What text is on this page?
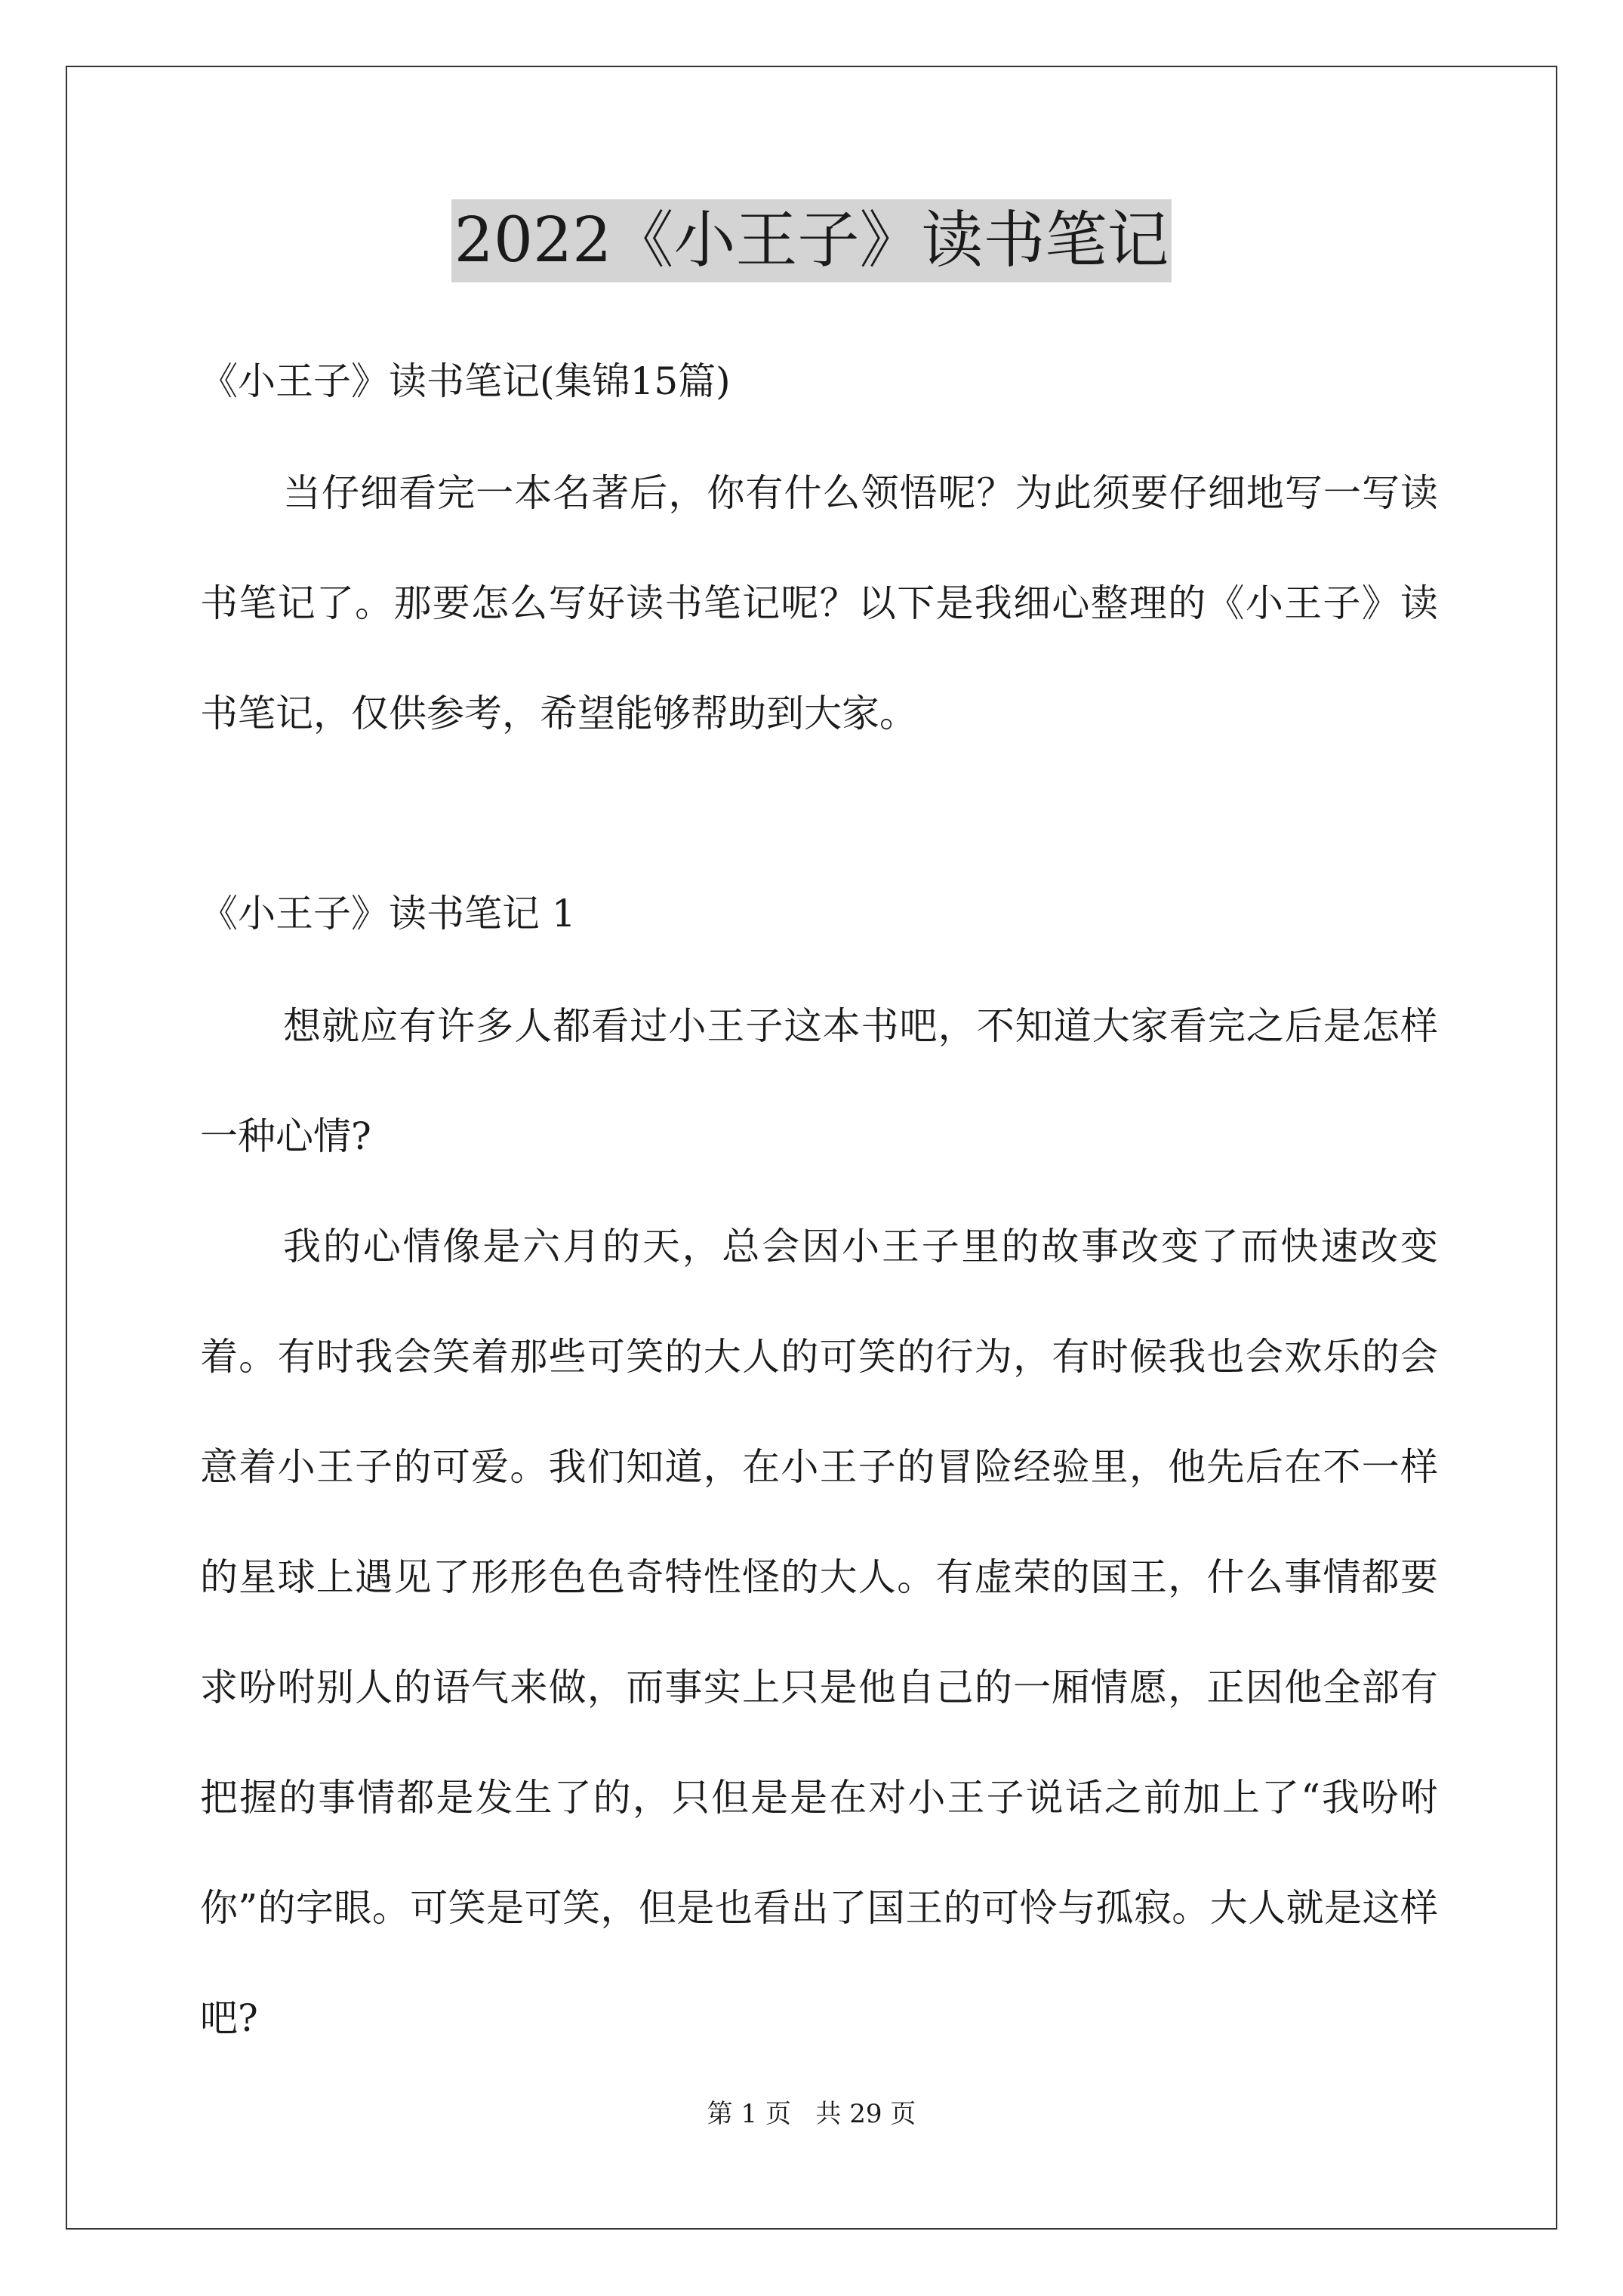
2022《小王子》读书笔记

《小王子》读书笔记(集锦15篇)

当仔细看完一本名著后，你有什么领悟呢？为此须要仔细地写一写读书笔记了。那要怎么写好读书笔记呢？以下是我细心整理的《小王子》读书笔记，仅供参考，希望能够帮助到大家。

《小王子》读书笔记 1

想就应有许多人都看过小王子这本书吧，不知道大家看完之后是怎样一种心情?

我的心情像是六月的天，总会因小王子里的故事改变了而快速改变着。有时我会笑着那些可笑的大人的可笑的行为，有时候我也会欢乐的会意着小王子的可爱。我们知道，在小王子的冒险经验里，他先后在不一样的星球上遇见了形形色色奇特性怪的大人。有虚荣的国王，什么事情都要求吩咐别人的语气来做，而事实上只是他自己的一厢情愿，正因他全部有把握的事情都是发生了的，只但是是在对小王子说话之前加上了“我吩咐你”的字眼。可笑是可笑，但是也看出了国王的可怜与孤寂。大人就是这样吧?

第 1 页   共 29 页
